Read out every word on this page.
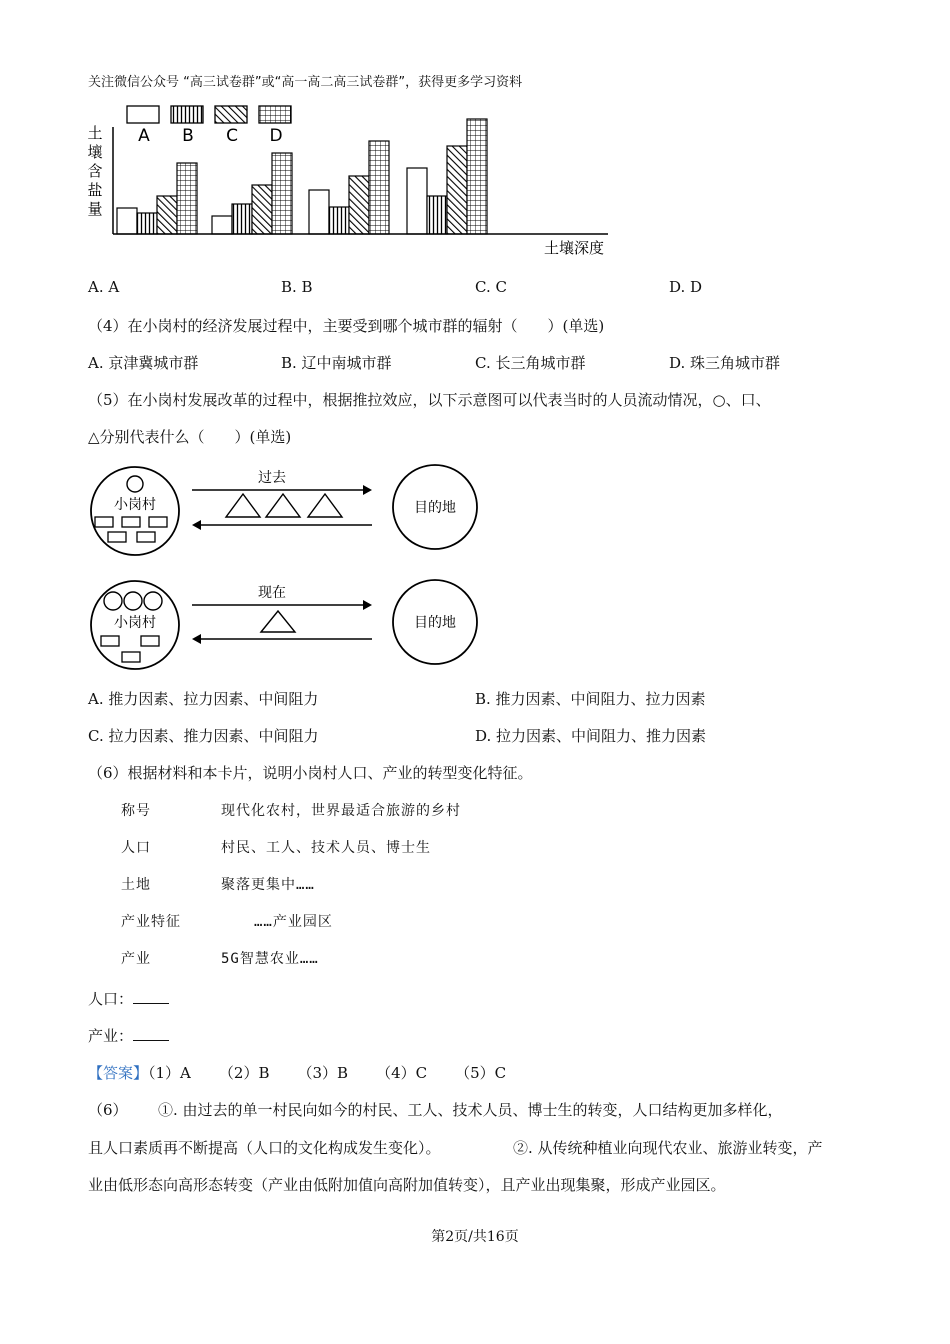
关注微信公众号 “高三试卷群”或“高一高二高三试卷群”，获得更多学习资料
A B C D
土
壤
含
盐
量
土壤深度
A. A	B. B	C. C	D. D
（4）在小岗村的经济发展过程中，主要受到哪个城市群的辐射（　　）(单选)
A. 京津冀城市群	B. 辽中南城市群	C. 长三角城市群	D. 珠三角城市群
（5）在小岗村发展改革的过程中，根据推拉效应，以下示意图可以代表当时的人员流动情况，○、口、
△分别代表什么（　　）(单选)
小岗村
过去
目的地
小岗村
现在
目的地
A. 推力因素、拉力因素、中间阻力	B. 推力因素、中间阻力、拉力因素
C. 拉力因素、推力因素、中间阻力	D. 拉力因素、中间阻力、推力因素
（6）根据材料和本卡片，说明小岗村人口、产业的转型变化特征。
称号	现代化农村，世界最适合旅游的乡村
人口	村民、工人、技术人员、博士生
土地	聚落更集中……
产业特征	……产业园区
产业	5G智慧农业……
人口：
产业：
【答案】（1）A （2）B （3）B （4）C （5）C
（6） ①. 由过去的单一村民向如今的村民、工人、技术人员、博士生的转变，人口结构更加多样化，
且人口素质再不断提高（人口的文化构成发生变化）。	②. 从传统种植业向现代农业、旅游业转变，产
业由低形态向高形态转变（产业由低附加值向高附加值转变），且产业出现集聚，形成产业园区。
第2页/共16页
